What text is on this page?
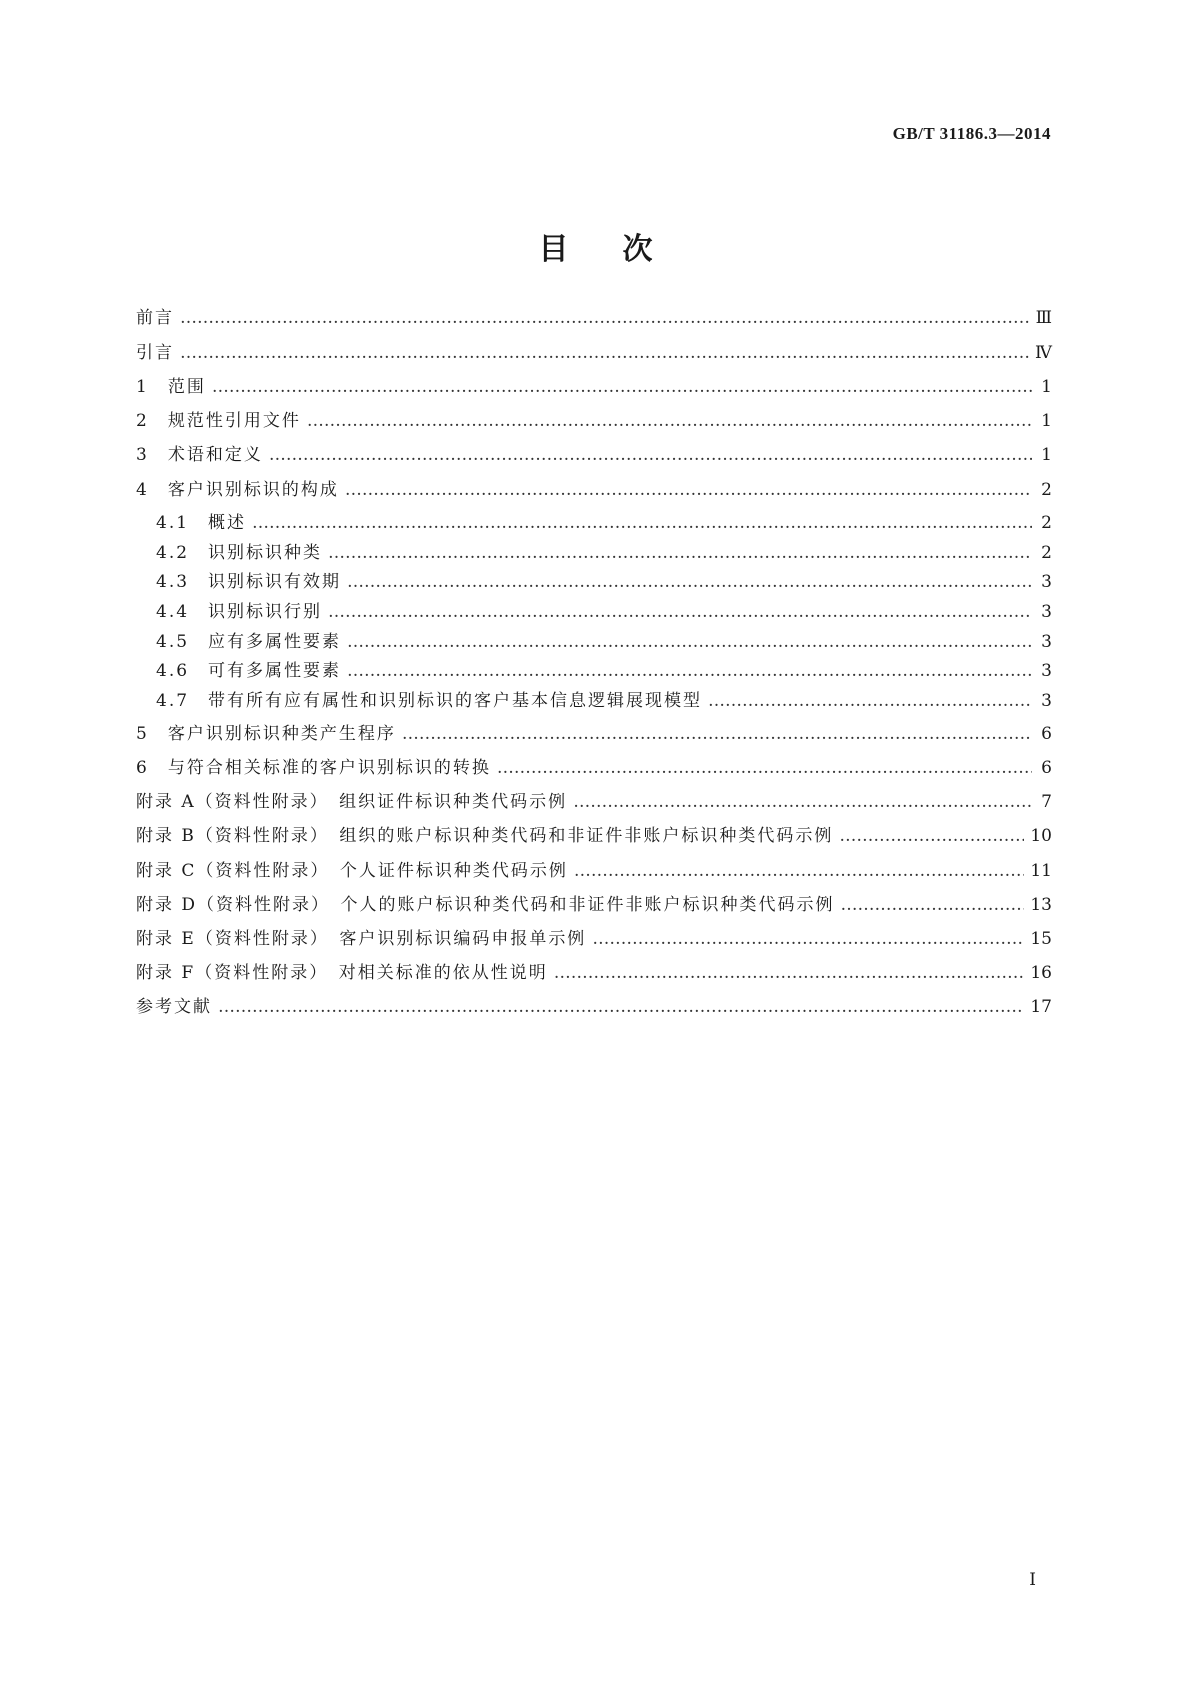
GB/T 31186.3—2014
目次
前言 ……………………………………………………………………………………………………………………………………………………………………………………………………	Ⅲ
引言 ……………………………………………………………………………………………………………………………………………………………………………………………………	Ⅳ
1　范围 ……………………………………………………………………………………………………………………………………………………………………………………………………	1
2　规范性引用文件 ……………………………………………………………………………………………………………………………………………………………………………………………………	1
3　术语和定义 ……………………………………………………………………………………………………………………………………………………………………………………………………	1
4　客户识别标识的构成 ……………………………………………………………………………………………………………………………………………………………………………………………………	2
4.1　概述 ……………………………………………………………………………………………………………………………………………………………………………………………………	2
4.2　识别标识种类 ……………………………………………………………………………………………………………………………………………………………………………………………………	2
4.3　识别标识有效期 ……………………………………………………………………………………………………………………………………………………………………………………………………	3
4.4　识别标识行别 ……………………………………………………………………………………………………………………………………………………………………………………………………	3
4.5　应有多属性要素 ……………………………………………………………………………………………………………………………………………………………………………………………………	3
4.6　可有多属性要素 ……………………………………………………………………………………………………………………………………………………………………………………………………	3
4.7　带有所有应有属性和识别标识的客户基本信息逻辑展现模型 ……………………………………………………………………………………………………………………………………………………………………………………………………	3
5　客户识别标识种类产生程序 ……………………………………………………………………………………………………………………………………………………………………………………………………	6
6　与符合相关标准的客户识别标识的转换 ……………………………………………………………………………………………………………………………………………………………………………………………………	6
附录 A（资料性附录）　组织证件标识种类代码示例 ……………………………………………………………………………………………………………………………………………………………………………………………………	7
附录 B（资料性附录）　组织的账户标识种类代码和非证件非账户标识种类代码示例 ……………………………………………………………………………………………………………………………………………………………………………………………………	10
附录 C（资料性附录）　个人证件标识种类代码示例 ……………………………………………………………………………………………………………………………………………………………………………………………………	11
附录 D（资料性附录）　个人的账户标识种类代码和非证件非账户标识种类代码示例 ……………………………………………………………………………………………………………………………………………………………………………………………………	13
附录 E（资料性附录）　客户识别标识编码申报单示例 ……………………………………………………………………………………………………………………………………………………………………………………………………	15
附录 F（资料性附录）　对相关标准的依从性说明 ……………………………………………………………………………………………………………………………………………………………………………………………………	16
参考文献 ……………………………………………………………………………………………………………………………………………………………………………………………………	17
I
